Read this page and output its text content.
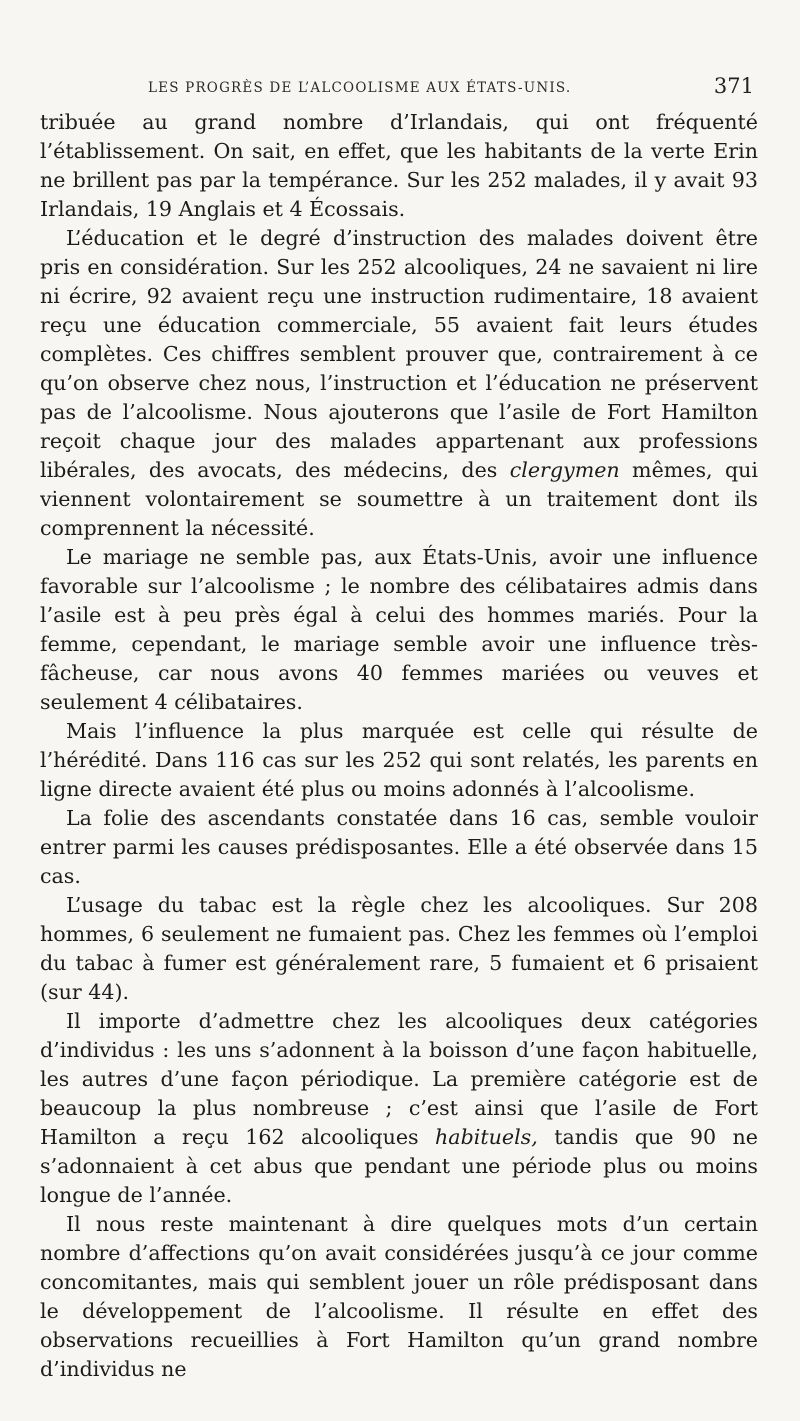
LES PROGRÈS DE L’ALCOOLISME AUX ÉTATS-UNIS.	371

tribuée au grand nombre d’Irlandais, qui ont fréquenté l’établissement. On sait, en effet, que les habitants de la verte Erin ne brillent pas par la tempérance. Sur les 252 malades, il y avait 93 Irlandais, 19 Anglais et 4 Écossais.

L’éducation et le degré d’instruction des malades doivent être pris en considération. Sur les 252 alcooliques, 24 ne savaient ni lire ni écrire, 92 avaient reçu une instruction rudimentaire, 18 avaient reçu une éducation commerciale, 55 avaient fait leurs études complètes. Ces chiffres semblent prouver que, contrairement à ce qu’on observe chez nous, l’instruction et l’éducation ne préservent pas de l’alcoolisme. Nous ajouterons que l’asile de Fort Hamilton reçoit chaque jour des malades appartenant aux professions libérales, des avocats, des médecins, des clergymen mêmes, qui viennent volontairement se soumettre à un traitement dont ils comprennent la nécessité.

Le mariage ne semble pas, aux États-Unis, avoir une influence favorable sur l’alcoolisme ; le nombre des célibataires admis dans l’asile est à peu près égal à celui des hommes mariés. Pour la femme, cependant, le mariage semble avoir une influence très-fâcheuse, car nous avons 40 femmes mariées ou veuves et seulement 4 célibataires.

Mais l’influence la plus marquée est celle qui résulte de l’hérédité. Dans 116 cas sur les 252 qui sont relatés, les parents en ligne directe avaient été plus ou moins adonnés à l’alcoolisme.

La folie des ascendants constatée dans 16 cas, semble vouloir entrer parmi les causes prédisposantes. Elle a été observée dans 15 cas.

L’usage du tabac est la règle chez les alcooliques. Sur 208 hommes, 6 seulement ne fumaient pas. Chez les femmes où l’emploi du tabac à fumer est généralement rare, 5 fumaient et 6 prisaient (sur 44).

Il importe d’admettre chez les alcooliques deux catégories d’individus : les uns s’adonnent à la boisson d’une façon habituelle, les autres d’une façon périodique. La première catégorie est de beaucoup la plus nombreuse ; c’est ainsi que l’asile de Fort Hamilton a reçu 162 alcooliques habituels, tandis que 90 ne s’adonnaient à cet abus que pendant une période plus ou moins longue de l’année.

Il nous reste maintenant à dire quelques mots d’un certain nombre d’affections qu’on avait considérées jusqu’à ce jour comme concomitantes, mais qui semblent jouer un rôle prédisposant dans le développement de l’alcoolisme. Il résulte en effet des observations recueillies à Fort Hamilton qu’un grand nombre d’individus ne
